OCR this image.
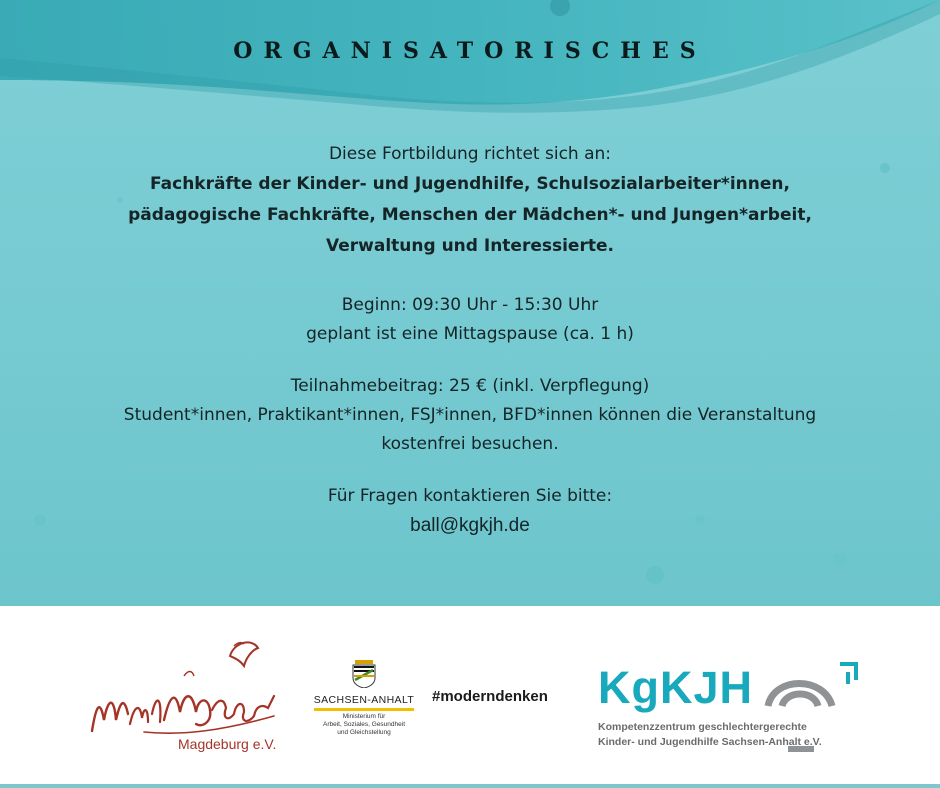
ORGANISATORISCHES
Diese Fortbildung richtet sich an:
Fachkräfte der Kinder- und Jugendhilfe, Schulsozialarbeiter*innen,
pädagogische Fachkräfte, Menschen der Mädchen*- und Jungen*arbeit,
Verwaltung und Interessierte.
Beginn: 09:30 Uhr - 15:30 Uhr
geplant ist eine Mittagspause (ca. 1 h)
Teilnahmebeitrag: 25 € (inkl. Verpflegung)
Student*innen, Praktikant*innen, FSJ*innen, BFD*innen können die Veranstaltung
kostenfrei besuchen.
Für Fragen kontaktieren Sie bitte:
ball@kgkjh.de
Magdeburg e.V.
SACHSEN-ANHALT
Ministerium für
Arbeit, Soziales, Gesundheit
und Gleichstellung
#moderndenken KgKJH
Kompetenzzentrum geschlechtergerechte
Kinder- und Jugendhilfe Sachsen-Anhalt e.V.
